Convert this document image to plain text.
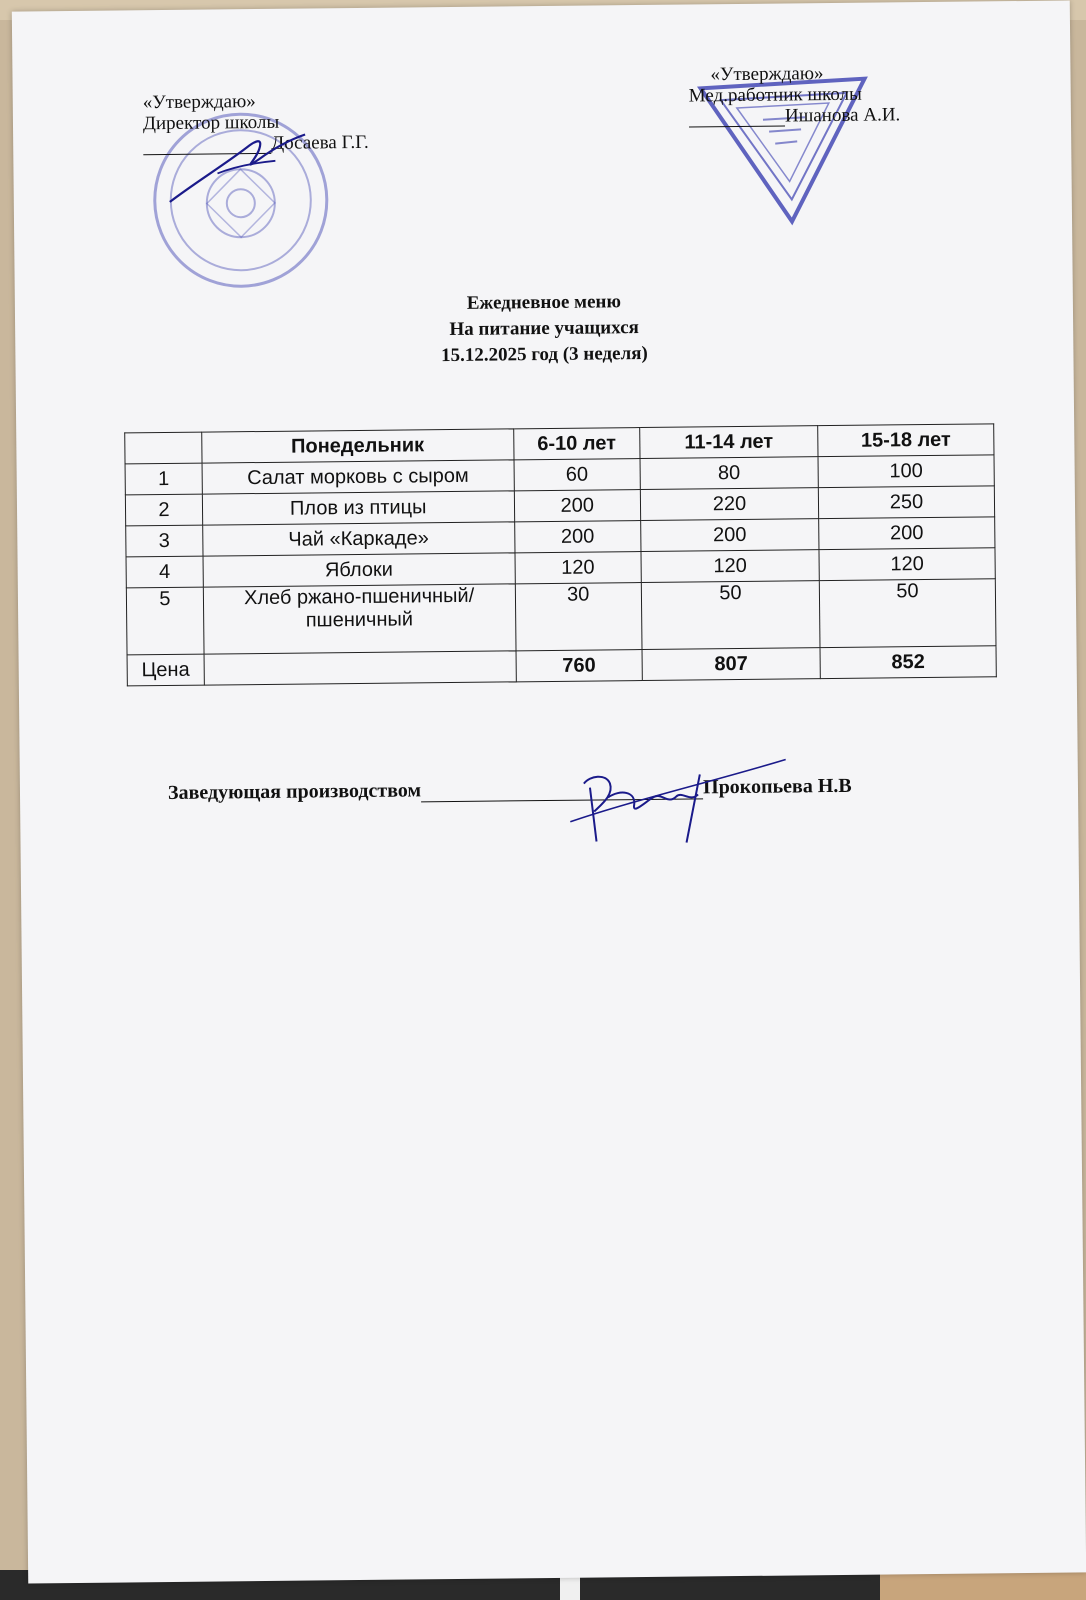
«Утверждаю»
Директор школы
Досаева Г.Г.
«Утверждаю»
Мед.работник школы
Ишанова А.И.
Ежедневное меню
На питание учащихся
15.12.2025 год (3 неделя)
	Понедельник	6-10 лет	11-14 лет	15-18 лет
1	Салат морковь с сыром	60	80	100
2	Плов из птицы	200	220	250
3	Чай «Каркаде»	200	200	200
4	Яблоки	120	120	120
5	Хлеб ржано-пшеничный/пшеничный	30	50	50
Цена		760	807	852
Заведующая производством	Прокопьева Н.В
